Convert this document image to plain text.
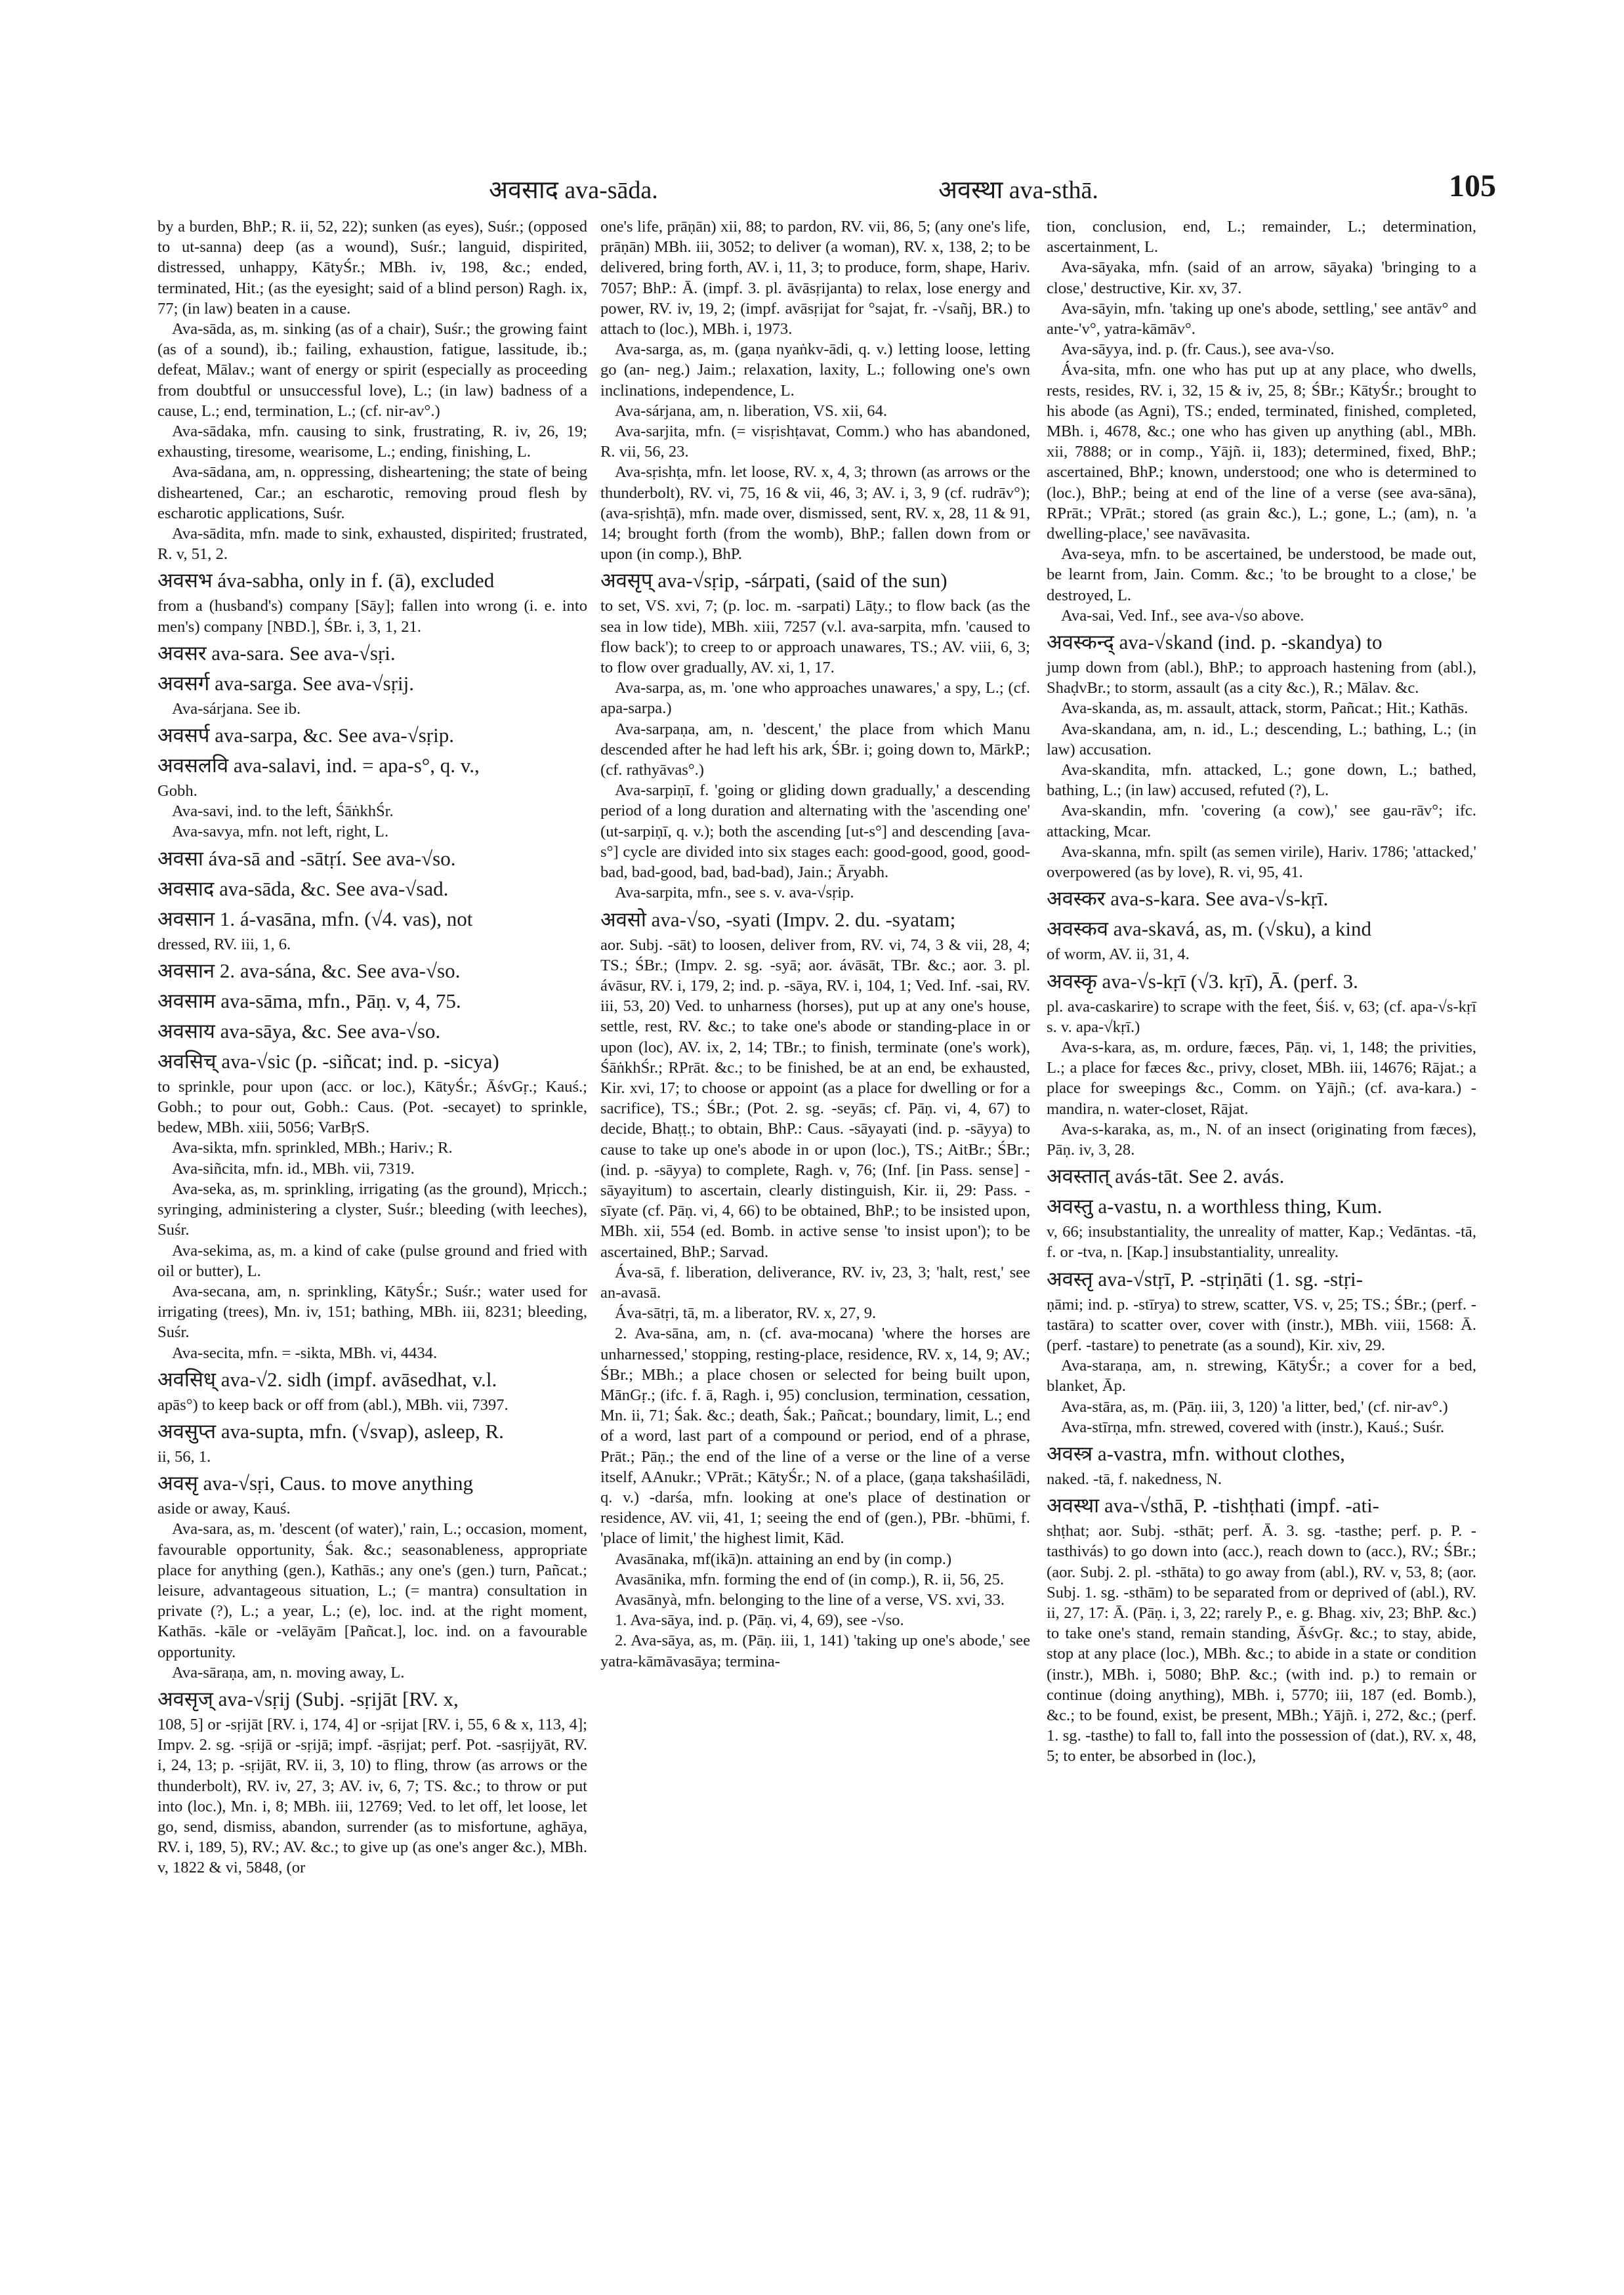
अवसाद ava-sāda.	अवस्था ava-sthā.	105
by a burden, BhP.; R. ii, 52, 22); sunken (as eyes), Suśr.; (opposed to ut-sanna) deep (as a wound), Suśr.; languid, dispirited, distressed, unhappy, KātyŚr.; MBh. iv, 198, &c.; ended, terminated, Hit.; (as the eyesight; said of a blind person) Ragh. ix, 77; (in law) beaten in a cause.
Ava-sāda, as, m. sinking (as of a chair), Suśr.; the growing faint (as of a sound), ib.; failing, exhaustion, fatigue, lassitude, ib.; defeat, Mālav.; want of energy or spirit (especially as proceeding from doubtful or unsuccessful love), L.; (in law) badness of a cause, L.; end, termination, L.; (cf. nir-av°.)
Ava-sādaka, mfn. causing to sink, frustrating, R. iv, 26, 19; exhausting, tiresome, wearisome, L.; ending, finishing, L.
Ava-sādana, am, n. oppressing, disheartening; the state of being disheartened, Car.; an escharotic, removing proud flesh by escharotic applications, Suśr.
Ava-sādita, mfn. made to sink, exhausted, dispirited; frustrated, R. v, 51, 2.
अवसभ áva-sabha, only in f. (ā), excluded
from a (husband's) company [Sāy]; fallen into wrong (i. e. into men's) company [NBD.], ŚBr. i, 3, 1, 21.
अवसर ava-sara. See ava-√sṛi.
अवसर्ग ava-sarga. See ava-√sṛij.
Ava-sárjana. See ib.
अवसर्प ava-sarpa, &c. See ava-√sṛip.
अवसलवि ava-salavi, ind. = apa-s°, q. v.,
Gobh.
Ava-savi, ind. to the left, ŚāṅkhŚr.
Ava-savya, mfn. not left, right, L.
अवसा áva-sā and -sātṛí. See ava-√so.
अवसाद ava-sāda, &c. See ava-√sad.
अवसान 1. á-vasāna, mfn. (√4. vas), not
dressed, RV. iii, 1, 6.
अवसान 2. ava-sána, &c. See ava-√so.
अवसाम ava-sāma, mfn., Pāṇ. v, 4, 75.
अवसाय ava-sāya, &c. See ava-√so.
अवसिच् ava-√sic (p. -siñcat; ind. p. -sicya)
to sprinkle, pour upon (acc. or loc.), KātyŚr.; ĀśvGṛ.; Kauś.; Gobh.; to pour out, Gobh.: Caus. (Pot. -secayet) to sprinkle, bedew, MBh. xiii, 5056; VarBṛS.
Ava-sikta, mfn. sprinkled, MBh.; Hariv.; R.
Ava-siñcita, mfn. id., MBh. vii, 7319.
Ava-seka, as, m. sprinkling, irrigating (as the ground), Mṛicch.; syringing, administering a clyster, Suśr.; bleeding (with leeches), Suśr.
Ava-sekima, as, m. a kind of cake (pulse ground and fried with oil or butter), L.
Ava-secana, am, n. sprinkling, KātyŚr.; Suśr.; water used for irrigating (trees), Mn. iv, 151; bathing, MBh. iii, 8231; bleeding, Suśr.
Ava-secita, mfn. = -sikta, MBh. vi, 4434.
अवसिध् ava-√2. sidh (impf. avāsedhat, v.l.
apās°) to keep back or off from (abl.), MBh. vii, 7397.
अवसुप्त ava-supta, mfn. (√svap), asleep, R.
ii, 56, 1.
अवसृ ava-√sṛi, Caus. to move anything
aside or away, Kauś.
Ava-sara, as, m. 'descent (of water),' rain, L.; occasion, moment, favourable opportunity, Śak. &c.; seasonableness, appropriate place for anything (gen.), Kathās.; any one's (gen.) turn, Pañcat.; leisure, advantageous situation, L.; (= mantra) consultation in private (?), L.; a year, L.; (e), loc. ind. at the right moment, Kathās. -kāle or -velāyām [Pañcat.], loc. ind. on a favourable opportunity.
Ava-sāraṇa, am, n. moving away, L.
अवसृज् ava-√sṛij (Subj. -sṛijāt [RV. x,
108, 5] or -sṛijāt [RV. i, 174, 4] or -sṛijat [RV. i, 55, 6 & x, 113, 4]; Impv. 2. sg. -sṛijā or -sṛijā; impf. -āsṛijat; perf. Pot. -sasṛijyāt, RV. i, 24, 13; p. -sṛijāt, RV. ii, 3, 10) to fling, throw (as arrows or the thunderbolt), RV. iv, 27, 3; AV. iv, 6, 7; TS. &c.; to throw or put into (loc.), Mn. i, 8; MBh. iii, 12769; Ved. to let off, let loose, let go, send, dismiss, abandon, surrender (as to misfortune, aghāya, RV. i, 189, 5), RV.; AV. &c.; to give up (as one's anger &c.), MBh. v, 1822 & vi, 5848, (or
one's life, prāṇān) xii, 88; to pardon, RV. vii, 86, 5; (any one's life, prāṇān) MBh. iii, 3052; to deliver (a woman), RV. x, 138, 2; to be delivered, bring forth, AV. i, 11, 3; to produce, form, shape, Hariv. 7057; BhP.: Ā. (impf. 3. pl. āvāsṛijanta) to relax, lose energy and power, RV. iv, 19, 2; (impf. avāsṛijat for °sajat, fr. -√sañj, BR.) to attach to (loc.), MBh. i, 1973.
Ava-sarga, as, m. (gaṇa nyaṅkv-ādi, q. v.) letting loose, letting go (an- neg.) Jaim.; relaxation, laxity, L.; following one's own inclinations, independence, L.
Ava-sárjana, am, n. liberation, VS. xii, 64.
Ava-sarjita, mfn. (= visṛishṭavat, Comm.) who has abandoned, R. vii, 56, 23.
Ava-sṛishṭa, mfn. let loose, RV. x, 4, 3; thrown (as arrows or the thunderbolt), RV. vi, 75, 16 & vii, 46, 3; AV. i, 3, 9 (cf. rudrāv°); (ava-sṛishṭā), mfn. made over, dismissed, sent, RV. x, 28, 11 & 91, 14; brought forth (from the womb), BhP.; fallen down from or upon (in comp.), BhP.
अवसृप् ava-√sṛip, -sárpati, (said of the sun)
to set, VS. xvi, 7; (p. loc. m. -sarpati) Lāṭy.; to flow back (as the sea in low tide), MBh. xiii, 7257 (v.l. ava-sarpita, mfn. 'caused to flow back'); to creep to or approach unawares, TS.; AV. viii, 6, 3; to flow over gradually, AV. xi, 1, 17.
Ava-sarpa, as, m. 'one who approaches unawares,' a spy, L.; (cf. apa-sarpa.)
Ava-sarpaṇa, am, n. 'descent,' the place from which Manu descended after he had left his ark, ŚBr. i; going down to, MārkP.; (cf. rathyāvas°.)
Ava-sarpiṇī, f. 'going or gliding down gradually,' a descending period of a long duration and alternating with the 'ascending one' (ut-sarpiṇī, q. v.); both the ascending [ut-s°] and descending [ava-s°] cycle are divided into six stages each: good-good, good, good-bad, bad-good, bad, bad-bad), Jain.; Āryabh.
Ava-sarpita, mfn., see s. v. ava-√sṛip.
अवसो ava-√so, -syati (Impv. 2. du. -syatam;
aor. Subj. -sāt) to loosen, deliver from, RV. vi, 74, 3 & vii, 28, 4; TS.; ŚBr.; (Impv. 2. sg. -syā; aor. ávāsāt, TBr. &c.; aor. 3. pl. ávāsur, RV. i, 179, 2; ind. p. -sāya, RV. i, 104, 1; Ved. Inf. -sai, RV. iii, 53, 20) Ved. to unharness (horses), put up at any one's house, settle, rest, RV. &c.; to take one's abode or standing-place in or upon (loc), AV. ix, 2, 14; TBr.; to finish, terminate (one's work), ŚāṅkhŚr.; RPrāt. &c.; to be finished, be at an end, be exhausted, Kir. xvi, 17; to choose or appoint (as a place for dwelling or for a sacrifice), TS.; ŚBr.; (Pot. 2. sg. -seyās; cf. Pāṇ. vi, 4, 67) to decide, Bhaṭṭ.; to obtain, BhP.: Caus. -sāyayati (ind. p. -sāyya) to cause to take up one's abode in or upon (loc.), TS.; AitBr.; ŚBr.; (ind. p. -sāyya) to complete, Ragh. v, 76; (Inf. [in Pass. sense] -sāyayitum) to ascertain, clearly distinguish, Kir. ii, 29: Pass. -sīyate (cf. Pāṇ. vi, 4, 66) to be obtained, BhP.; to be insisted upon, MBh. xii, 554 (ed. Bomb. in active sense 'to insist upon'); to be ascertained, BhP.; Sarvad.
Áva-sā, f. liberation, deliverance, RV. iv, 23, 3; 'halt, rest,' see an-avasā.
Áva-sātṛi, tā, m. a liberator, RV. x, 27, 9.
2. Ava-sāna, am, n. (cf. ava-mocana) 'where the horses are unharnessed,' stopping, resting-place, residence, RV. x, 14, 9; AV.; ŚBr.; MBh.; a place chosen or selected for being built upon, MānGṛ.; (ifc. f. ā, Ragh. i, 95) conclusion, termination, cessation, Mn. ii, 71; Śak. &c.; death, Śak.; Pañcat.; boundary, limit, L.; end of a word, last part of a compound or period, end of a phrase, Prāt.; Pāṇ.; the end of the line of a verse or the line of a verse itself, AAnukr.; VPrāt.; KātyŚr.; N. of a place, (gaṇa takshaśilādi, q. v.) -darśa, mfn. looking at one's place of destination or residence, AV. vii, 41, 1; seeing the end of (gen.), PBr. -bhūmi, f. 'place of limit,' the highest limit, Kād.
Avasānaka, mf(ikā)n. attaining an end by (in comp.)
Avasānika, mfn. forming the end of (in comp.), R. ii, 56, 25.
Avasānyà, mfn. belonging to the line of a verse, VS. xvi, 33.
1. Ava-sāya, ind. p. (Pāṇ. vi, 4, 69), see -√so.
2. Ava-sāya, as, m. (Pāṇ. iii, 1, 141) 'taking up one's abode,' see yatra-kāmāvasāya; termina-
tion, conclusion, end, L.; remainder, L.; determination, ascertainment, L.
Ava-sāyaka, mfn. (said of an arrow, sāyaka) 'bringing to a close,' destructive, Kir. xv, 37.
Ava-sāyin, mfn. 'taking up one's abode, settling,' see antāv° and ante-'v°, yatra-kāmāv°.
Ava-sāyya, ind. p. (fr. Caus.), see ava-√so.
Áva-sita, mfn. one who has put up at any place, who dwells, rests, resides, RV. i, 32, 15 & iv, 25, 8; ŚBr.; KātyŚr.; brought to his abode (as Agni), TS.; ended, terminated, finished, completed, MBh. i, 4678, &c.; one who has given up anything (abl., MBh. xii, 7888; or in comp., Yājñ. ii, 183); determined, fixed, BhP.; ascertained, BhP.; known, understood; one who is determined to (loc.), BhP.; being at end of the line of a verse (see ava-sāna), RPrāt.; VPrāt.; stored (as grain &c.), L.; gone, L.; (am), n. 'a dwelling-place,' see navāvasita.
Ava-seya, mfn. to be ascertained, be understood, be made out, be learnt from, Jain. Comm. &c.; 'to be brought to a close,' be destroyed, L.
Ava-sai, Ved. Inf., see ava-√so above.
अवस्कन्द् ava-√skand (ind. p. -skandya) to
jump down from (abl.), BhP.; to approach hastening from (abl.), ShaḍvBr.; to storm, assault (as a city &c.), R.; Mālav. &c.
Ava-skanda, as, m. assault, attack, storm, Pañcat.; Hit.; Kathās.
Ava-skandana, am, n. id., L.; descending, L.; bathing, L.; (in law) accusation.
Ava-skandita, mfn. attacked, L.; gone down, L.; bathed, bathing, L.; (in law) accused, refuted (?), L.
Ava-skandin, mfn. 'covering (a cow),' see gau-rāv°; ifc. attacking, Mcar.
Ava-skanna, mfn. spilt (as semen virile), Hariv. 1786; 'attacked,' overpowered (as by love), R. vi, 95, 41.
अवस्कर ava-s-kara. See ava-√s-kṛī.
अवस्कव ava-skavá, as, m. (√sku), a kind
of worm, AV. ii, 31, 4.
अवस्कृ ava-√s-kṛī (√3. kṛī), Ā. (perf. 3.
pl. ava-caskarire) to scrape with the feet, Śiś. v, 63; (cf. apa-√s-kṛī s. v. apa-√kṛī.)
Ava-s-kara, as, m. ordure, fæces, Pāṇ. vi, 1, 148; the privities, L.; a place for fæces &c., privy, closet, MBh. iii, 14676; Rājat.; a place for sweepings &c., Comm. on Yājñ.; (cf. ava-kara.) -mandira, n. water-closet, Rājat.
Ava-s-karaka, as, m., N. of an insect (originating from fæces), Pāṇ. iv, 3, 28.
अवस्तात् avás-tāt. See 2. avás.
अवस्तु a-vastu, n. a worthless thing, Kum.
v, 66; insubstantiality, the unreality of matter, Kap.; Vedāntas. -tā, f. or -tva, n. [Kap.] insubstantiality, unreality.
अवस्तृ ava-√stṛī, P. -stṛiṇāti (1. sg. -stṛi-
ṇāmi; ind. p. -stīrya) to strew, scatter, VS. v, 25; TS.; ŚBr.; (perf. -tastāra) to scatter over, cover with (instr.), MBh. viii, 1568: Ā. (perf. -tastare) to penetrate (as a sound), Kir. xiv, 29.
Ava-staraṇa, am, n. strewing, KātyŚr.; a cover for a bed, blanket, Āp.
Ava-stāra, as, m. (Pāṇ. iii, 3, 120) 'a litter, bed,' (cf. nir-av°.)
Ava-stīrṇa, mfn. strewed, covered with (instr.), Kauś.; Suśr.
अवस्त्र a-vastra, mfn. without clothes,
naked. -tā, f. nakedness, N.
अवस्था ava-√sthā, P. -tishṭhati (impf. -ati-
shṭhat; aor. Subj. -sthāt; perf. Ā. 3. sg. -tasthe; perf. p. P. -tasthivás) to go down into (acc.), reach down to (acc.), RV.; ŚBr.; (aor. Subj. 2. pl. -sthāta) to go away from (abl.), RV. v, 53, 8; (aor. Subj. 1. sg. -sthām) to be separated from or deprived of (abl.), RV. ii, 27, 17: Ā. (Pāṇ. i, 3, 22; rarely P., e. g. Bhag. xiv, 23; BhP. &c.) to take one's stand, remain standing, ĀśvGṛ. &c.; to stay, abide, stop at any place (loc.), MBh. &c.; to abide in a state or condition (instr.), MBh. i, 5080; BhP. &c.; (with ind. p.) to remain or continue (doing anything), MBh. i, 5770; iii, 187 (ed. Bomb.), &c.; to be found, exist, be present, MBh.; Yājñ. i, 272, &c.; (perf. 1. sg. -tasthe) to fall to, fall into the possession of (dat.), RV. x, 48, 5; to enter, be absorbed in (loc.),
